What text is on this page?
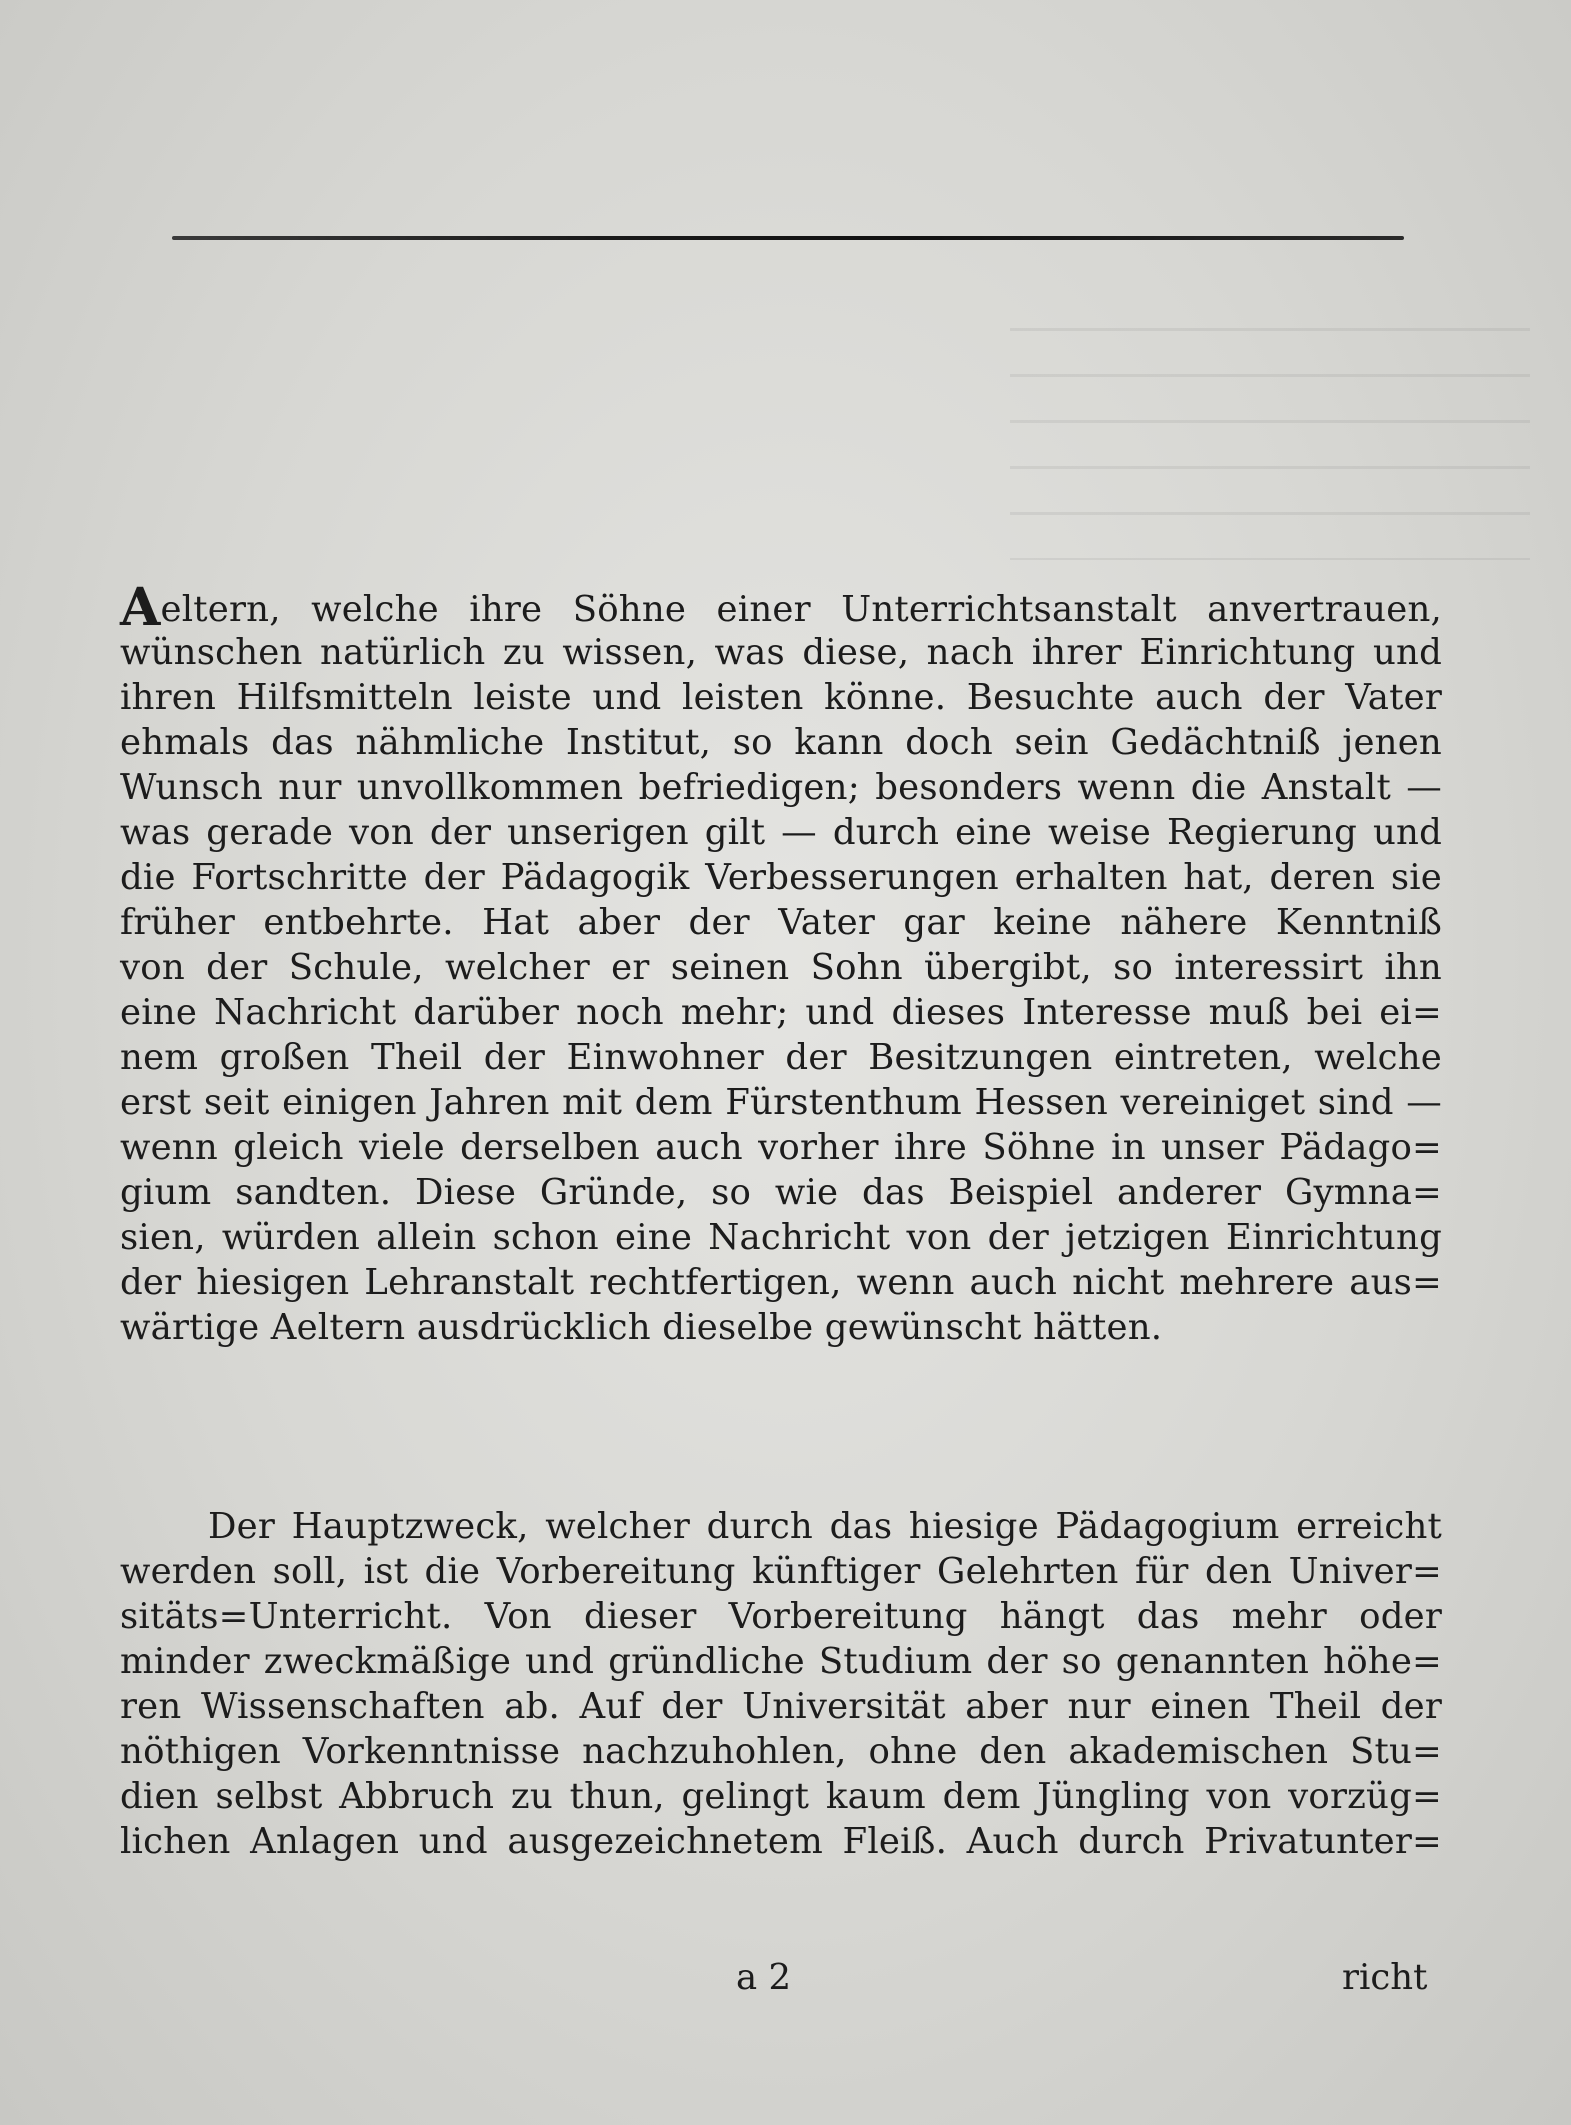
Aeltern, welche ihre Söhne einer Unterrichtsanstalt anvertrauen,
wünschen natürlich zu wissen, was diese, nach ihrer Einrichtung und
ihren Hilfsmitteln leiste und leisten könne. Besuchte auch der Vater
ehmals das nähmliche Institut, so kann doch sein Gedächtniß jenen
Wunsch nur unvollkommen befriedigen; besonders wenn die Anstalt —
was gerade von der unserigen gilt — durch eine weise Regierung und
die Fortschritte der Pädagogik Verbesserungen erhalten hat, deren sie
früher entbehrte. Hat aber der Vater gar keine nähere Kenntniß
von der Schule, welcher er seinen Sohn übergibt, so interessirt ihn
eine Nachricht darüber noch mehr; und dieses Interesse muß bei ei=
nem großen Theil der Einwohner der Besitzungen eintreten, welche
erst seit einigen Jahren mit dem Fürstenthum Hessen vereiniget sind —
wenn gleich viele derselben auch vorher ihre Söhne in unser Pädago=
gium sandten. Diese Gründe, so wie das Beispiel anderer Gymna=
sien, würden allein schon eine Nachricht von der jetzigen Einrichtung
der hiesigen Lehranstalt rechtfertigen, wenn auch nicht mehrere aus=
wärtige Aeltern ausdrücklich dieselbe gewünscht hätten.
Der Hauptzweck, welcher durch das hiesige Pädagogium erreicht
werden soll, ist die Vorbereitung künftiger Gelehrten für den Univer=
sitäts=Unterricht. Von dieser Vorbereitung hängt das mehr oder
minder zweckmäßige und gründliche Studium der so genannten höhe=
ren Wissenschaften ab. Auf der Universität aber nur einen Theil der
nöthigen Vorkenntnisse nachzuhohlen, ohne den akademischen Stu=
dien selbst Abbruch zu thun, gelingt kaum dem Jüngling von vorzüg=
lichen Anlagen und ausgezeichnetem Fleiß. Auch durch Privatunter=
a 2	richt
